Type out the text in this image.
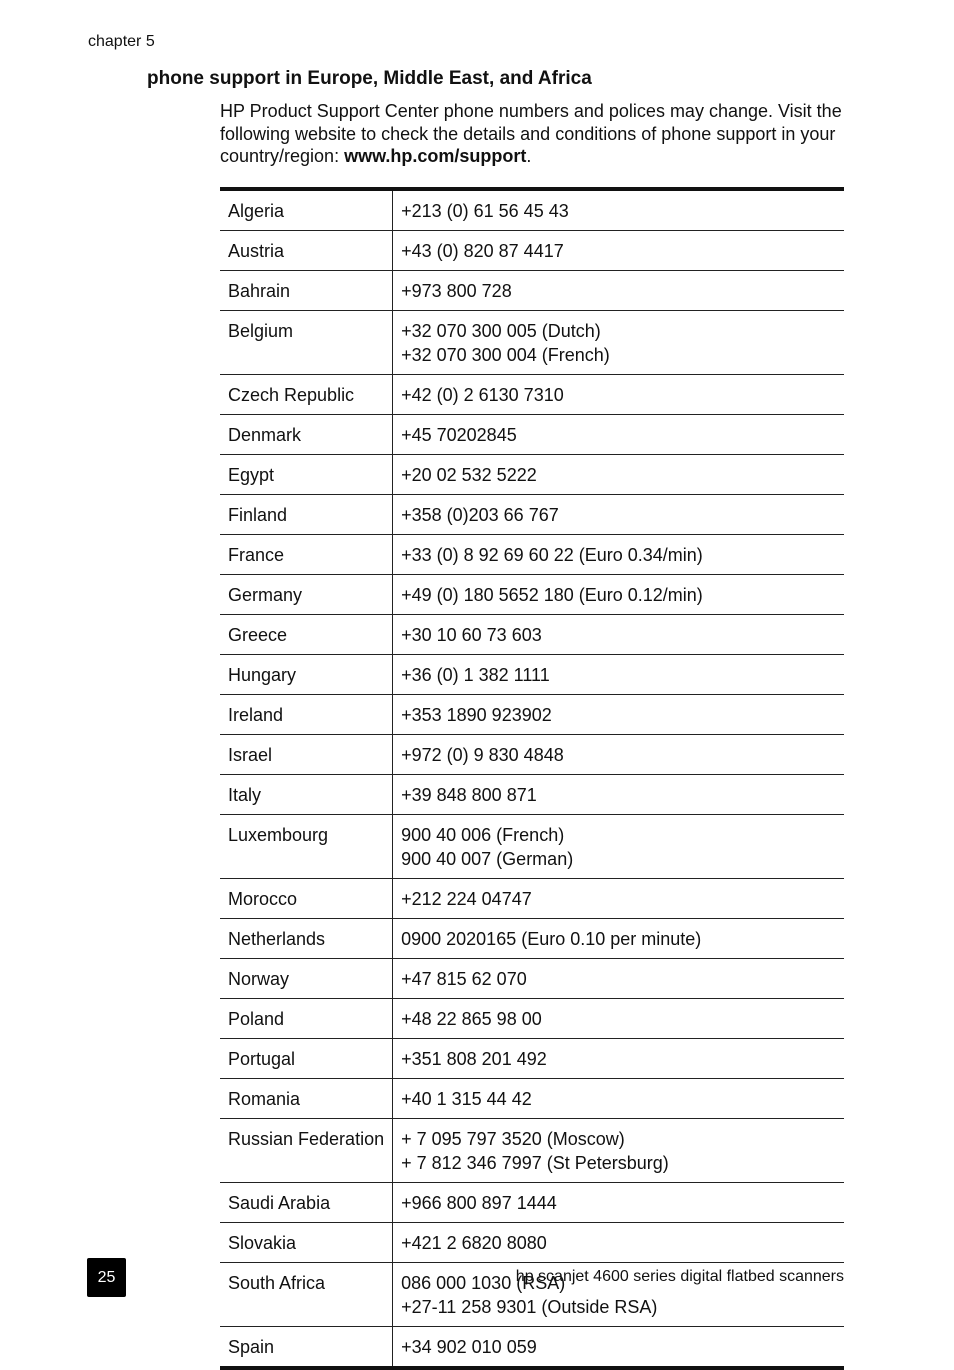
chapter 5
phone support in Europe, Middle East, and Africa
HP Product Support Center phone numbers and polices may change. Visit the following website to check the details and conditions of phone support in your country/region: www.hp.com/support.
Algeria	+213 (0) 61 56 45 43

Austria	+43 (0) 820 87 4417

Bahrain	+973 800 728

Belgium	+32 070 300 005 (Dutch)
+32 070 300 004 (French)

Czech Republic	+42 (0) 2 6130 7310

Denmark	+45 70202845

Egypt	+20 02 532 5222

Finland	+358 (0)203 66 767

France	+33 (0) 8 92 69 60 22 (Euro 0.34/min)

Germany	+49 (0) 180 5652 180 (Euro 0.12/min)

Greece	+30 10 60 73 603

Hungary	+36 (0) 1 382 1111

Ireland	+353 1890 923902

Israel	+972 (0) 9 830 4848

Italy	+39 848 800 871

Luxembourg	900 40 006 (French)
900 40 007 (German)

Morocco	+212 224 04747

Netherlands	0900 2020165 (Euro 0.10 per minute)

Norway	+47 815 62 070

Poland	+48 22 865 98 00

Portugal	+351 808 201 492

Romania	+40 1 315 44 42

Russian Federation	+ 7 095 797 3520 (Moscow)
+ 7 812 346 7997 (St Petersburg)

Saudi Arabia	+966 800 897 1444

Slovakia	+421 2 6820 8080

South Africa	086 000 1030 (RSA)
+27-11 258 9301 (Outside RSA)

Spain	+34 902 010 059
25	hp scanjet 4600 series digital flatbed scanners
